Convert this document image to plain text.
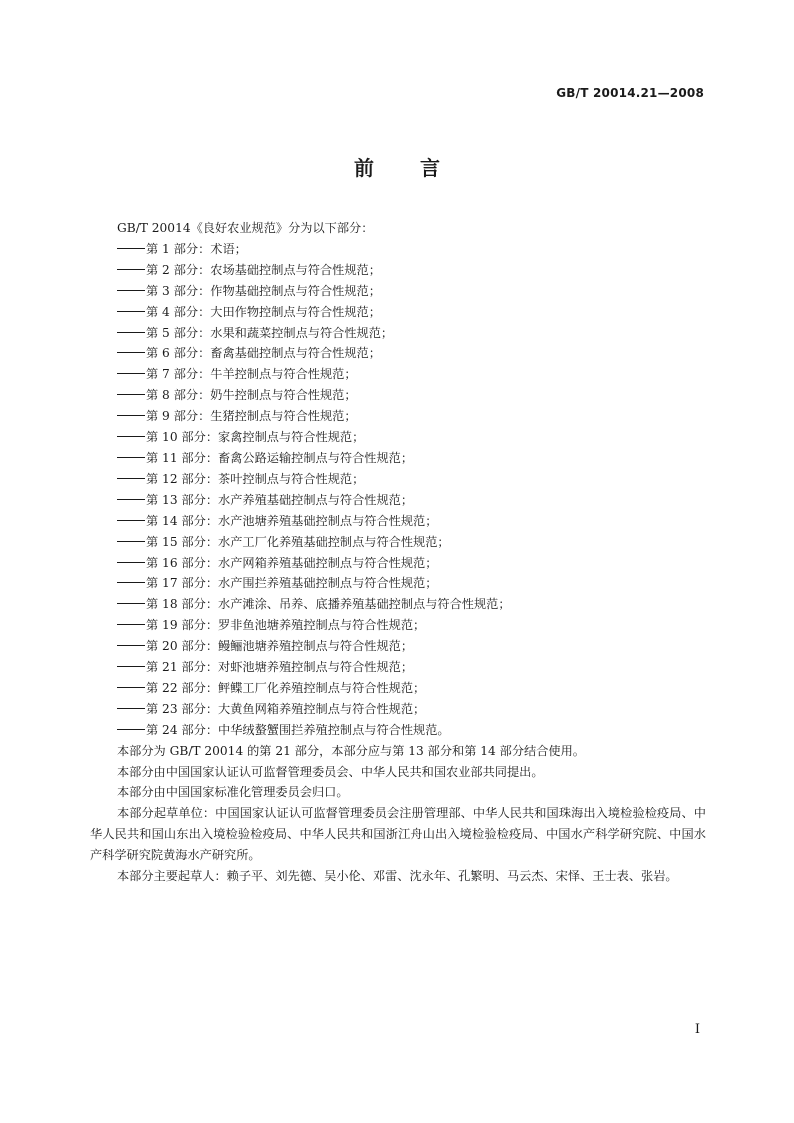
GB/T 20014.21—2008
前言

GB/T 20014《良好农业规范》分为以下部分：

第 1 部分：术语；
第 2 部分：农场基础控制点与符合性规范；
第 3 部分：作物基础控制点与符合性规范；
第 4 部分：大田作物控制点与符合性规范；
第 5 部分：水果和蔬菜控制点与符合性规范；
第 6 部分：畜禽基础控制点与符合性规范；
第 7 部分：牛羊控制点与符合性规范；
第 8 部分：奶牛控制点与符合性规范；
第 9 部分：生猪控制点与符合性规范；
第 10 部分：家禽控制点与符合性规范；
第 11 部分：畜禽公路运输控制点与符合性规范；
第 12 部分：茶叶控制点与符合性规范；
第 13 部分：水产养殖基础控制点与符合性规范；
第 14 部分：水产池塘养殖基础控制点与符合性规范；
第 15 部分：水产工厂化养殖基础控制点与符合性规范；
第 16 部分：水产网箱养殖基础控制点与符合性规范；
第 17 部分：水产围拦养殖基础控制点与符合性规范；
第 18 部分：水产滩涂、吊养、底播养殖基础控制点与符合性规范；
第 19 部分：罗非鱼池塘养殖控制点与符合性规范；
第 20 部分：鳗鲡池塘养殖控制点与符合性规范；
第 21 部分：对虾池塘养殖控制点与符合性规范；
第 22 部分：鲆鲽工厂化养殖控制点与符合性规范；
第 23 部分：大黄鱼网箱养殖控制点与符合性规范；
第 24 部分：中华绒螯蟹围拦养殖控制点与符合性规范。

本部分为 GB/T 20014 的第 21 部分，本部分应与第 13 部分和第 14 部分结合使用。

本部分由中国国家认证认可监督管理委员会、中华人民共和国农业部共同提出。

本部分由中国国家标准化管理委员会归口。

本部分起草单位：中国国家认证认可监督管理委员会注册管理部、中华人民共和国珠海出入境检验检疫局、中华人民共和国山东出入境检验检疫局、中华人民共和国浙江舟山出入境检验检疫局、中国水产科学研究院、中国水产科学研究院黄海水产研究所。

本部分主要起草人：赖子平、刘先德、吴小伦、邓雷、沈永年、孔繁明、马云杰、宋怿、王士表、张岩。

I
